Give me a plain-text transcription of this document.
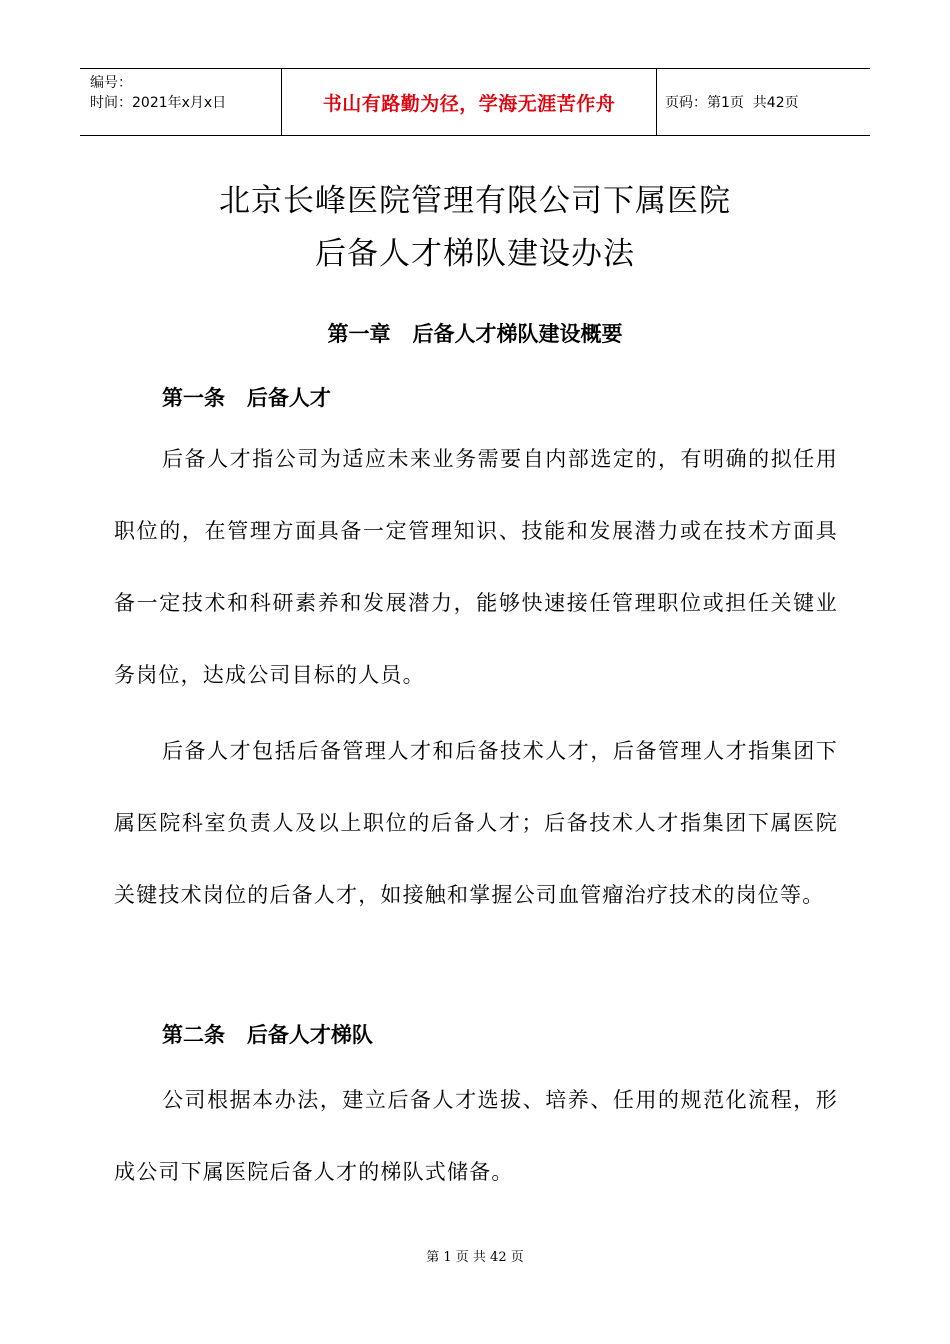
编号：
时间：2021年x月x日	书山有路勤为径，学海无涯苦作舟	页码：第1页  共42页
北京长峰医院管理有限公司下属医院
后备人才梯队建设办法
第一章   后备人才梯队建设概要
第一条   后备人才
后备人才指公司为适应未来业务需要自内部选定的，有明确的拟任用职位的，在管理方面具备一定管理知识、技能和发展潜力或在技术方面具备一定技术和科研素养和发展潜力，能够快速接任管理职位或担任关键业务岗位，达成公司目标的人员。
后备人才包括后备管理人才和后备技术人才，后备管理人才指集团下属医院科室负责人及以上职位的后备人才；后备技术人才指集团下属医院关键技术岗位的后备人才，如接触和掌握公司血管瘤治疗技术的岗位等。
第二条   后备人才梯队
公司根据本办法，建立后备人才选拔、培养、任用的规范化流程，形成公司下属医院后备人才的梯队式储备。
第 1 页 共 42 页
